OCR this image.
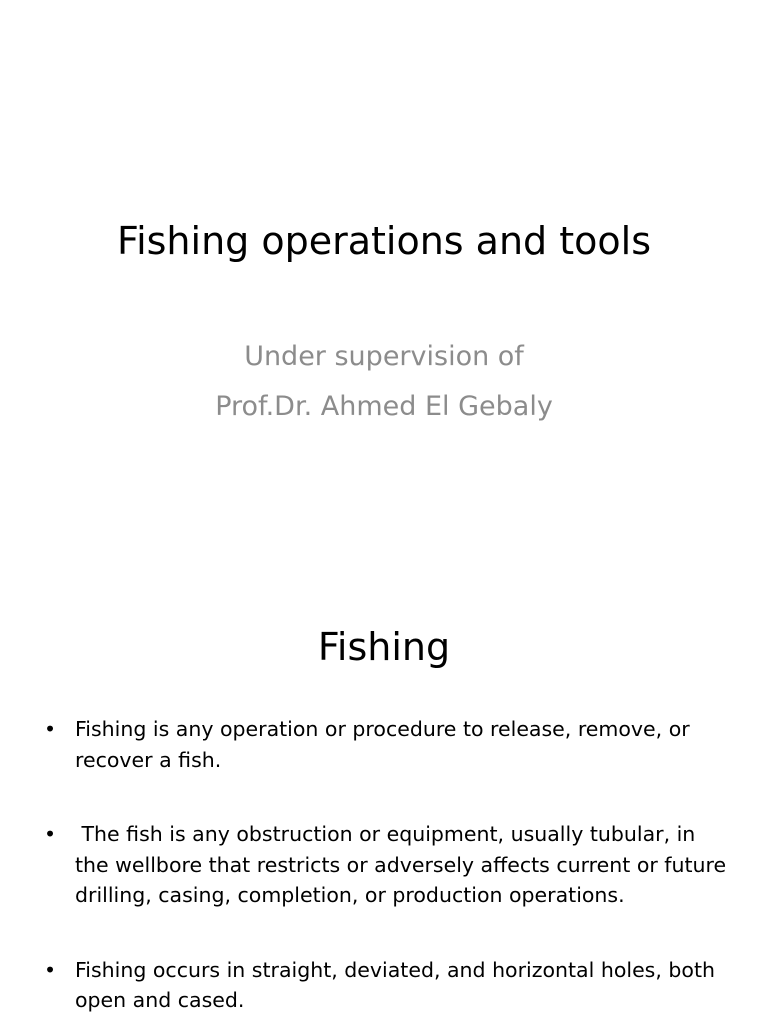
Fishing operations and tools
Under supervision of
Prof.Dr. Ahmed El Gebaly
Fishing
• Fishing is any operation or procedure to release, remove, or recover a fish.
• The fish is any obstruction or equipment, usually tubular, in the wellbore that restricts or adversely affects current or future drilling, casing, completion, or production operations.
• Fishing occurs in straight, deviated, and horizontal holes, both open and cased.
